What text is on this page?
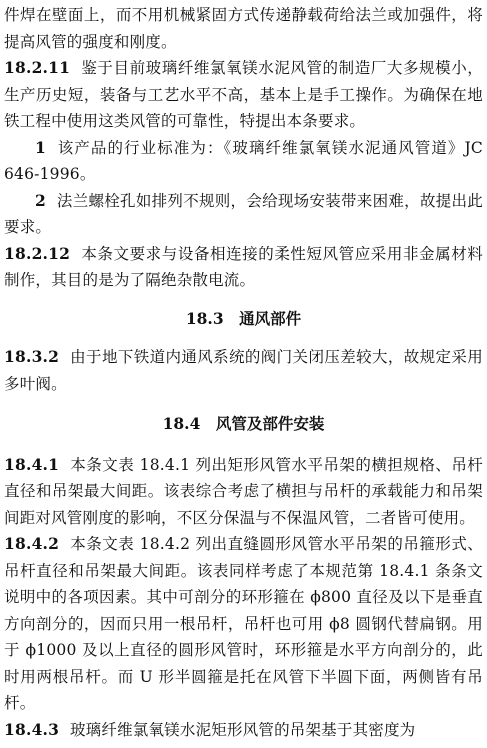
件焊在壁面上，而不用机械紧固方式传递静载荷给法兰或加强件，将提高风管的强度和刚度。

18.2.11 鉴于目前玻璃纤维氯氧镁水泥风管的制造厂大多规模小，生产历史短，装备与工艺水平不高，基本上是手工操作。为确保在地铁工程中使用这类风管的可靠性，特提出本条要求。

1 该产品的行业标准为：《玻璃纤维氯氧镁水泥通风管道》JC 646-1996。

2 法兰螺栓孔如排列不规则，会给现场安装带来困难，故提出此要求。

18.2.12 本条文要求与设备相连接的柔性短风管应采用非金属材料制作，其目的是为了隔绝杂散电流。

18.3 通风部件

18.3.2 由于地下铁道内通风系统的阀门关闭压差较大，故规定采用多叶阀。

18.4 风管及部件安装

18.4.1 本条文表 18.4.1 列出矩形风管水平吊架的横担规格、吊杆直径和吊架最大间距。该表综合考虑了横担与吊杆的承载能力和吊架间距对风管刚度的影响，不区分保温与不保温风管，二者皆可使用。

18.4.2 本条文表 18.4.2 列出直缝圆形风管水平吊架的吊箍形式、吊杆直径和吊架最大间距。该表同样考虑了本规范第 18.4.1 条条文说明中的各项因素。其中可剖分的环形箍在 ϕ800 直径及以下是垂直方向剖分的，因而只用一根吊杆，吊杆也可用 ϕ8 圆钢代替扁钢。用于 ϕ1000 及以上直径的圆形风管时，环形箍是水平方向剖分的，此时用两根吊杆。而 U 形半圆箍是托在风管下半圆下面，两侧皆有吊杆。

18.4.3 玻璃纤维氯氧镁水泥矩形风管的吊架基于其密度为
